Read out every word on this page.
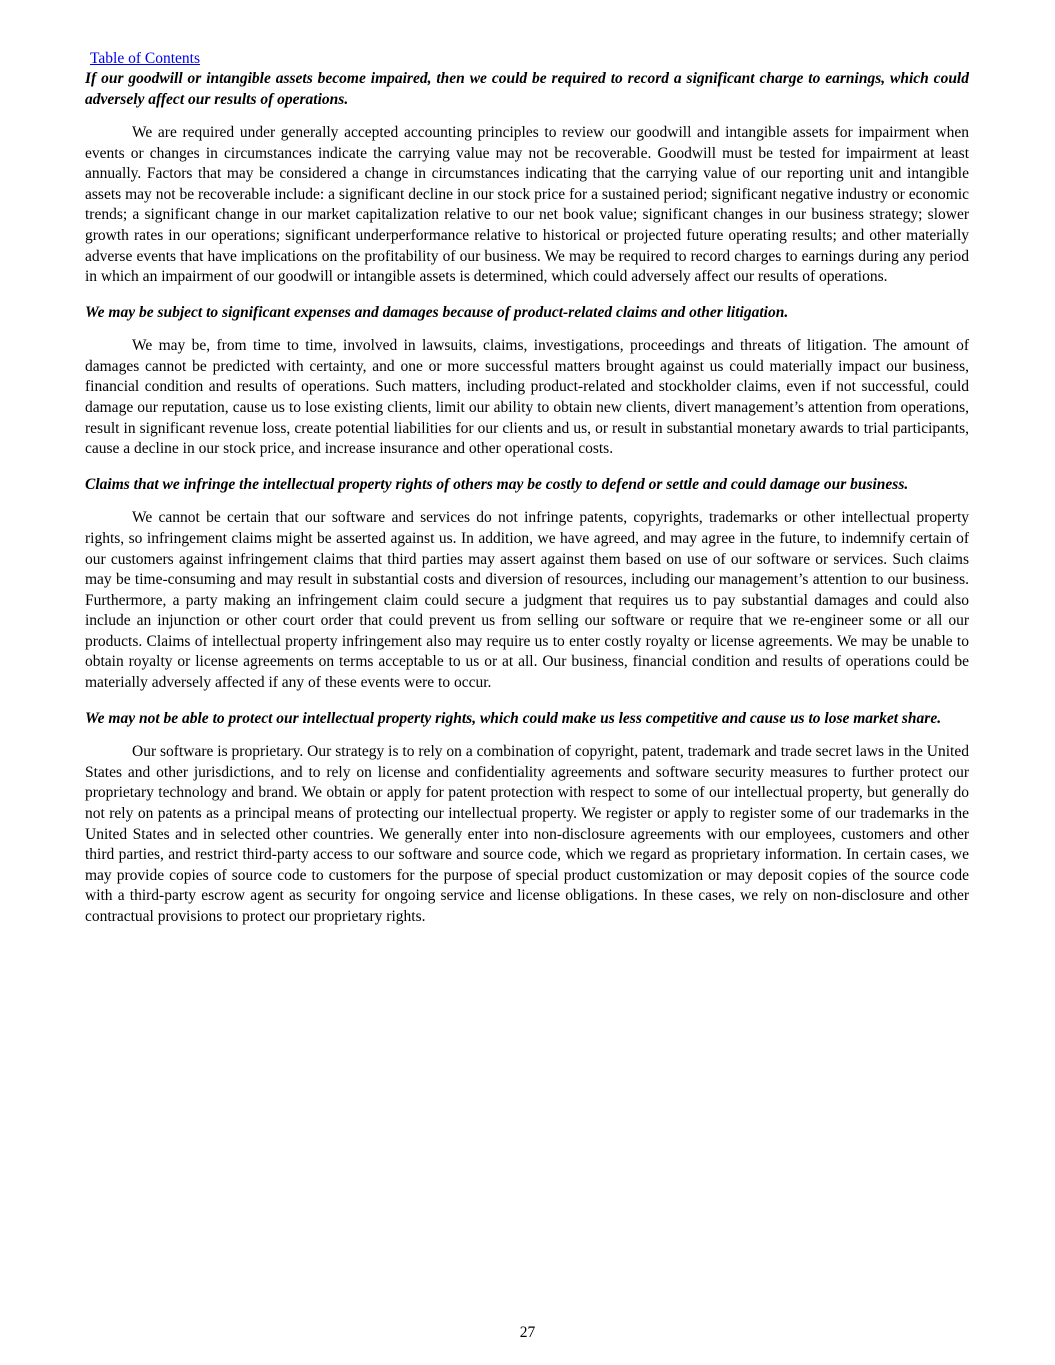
Table of Contents

If our goodwill or intangible assets become impaired, then we could be required to record a significant charge to earnings, which could adversely affect our results of operations.

We are required under generally accepted accounting principles to review our goodwill and intangible assets for impairment when events or changes in circumstances indicate the carrying value may not be recoverable. Goodwill must be tested for impairment at least annually. Factors that may be considered a change in circumstances indicating that the carrying value of our reporting unit and intangible assets may not be recoverable include: a significant decline in our stock price for a sustained period; significant negative industry or economic trends; a significant change in our market capitalization relative to our net book value; significant changes in our business strategy; slower growth rates in our operations; significant underperformance relative to historical or projected future operating results; and other materially adverse events that have implications on the profitability of our business. We may be required to record charges to earnings during any period in which an impairment of our goodwill or intangible assets is determined, which could adversely affect our results of operations.

We may be subject to significant expenses and damages because of product-related claims and other litigation.

We may be, from time to time, involved in lawsuits, claims, investigations, proceedings and threats of litigation. The amount of damages cannot be predicted with certainty, and one or more successful matters brought against us could materially impact our business, financial condition and results of operations. Such matters, including product-related and stockholder claims, even if not successful, could damage our reputation, cause us to lose existing clients, limit our ability to obtain new clients, divert management’s attention from operations, result in significant revenue loss, create potential liabilities for our clients and us, or result in substantial monetary awards to trial participants, cause a decline in our stock price, and increase insurance and other operational costs.

Claims that we infringe the intellectual property rights of others may be costly to defend or settle and could damage our business.

We cannot be certain that our software and services do not infringe patents, copyrights, trademarks or other intellectual property rights, so infringement claims might be asserted against us. In addition, we have agreed, and may agree in the future, to indemnify certain of our customers against infringement claims that third parties may assert against them based on use of our software or services. Such claims may be time-consuming and may result in substantial costs and diversion of resources, including our management’s attention to our business. Furthermore, a party making an infringement claim could secure a judgment that requires us to pay substantial damages and could also include an injunction or other court order that could prevent us from selling our software or require that we re-engineer some or all our products. Claims of intellectual property infringement also may require us to enter costly royalty or license agreements. We may be unable to obtain royalty or license agreements on terms acceptable to us or at all. Our business, financial condition and results of operations could be materially adversely affected if any of these events were to occur.

We may not be able to protect our intellectual property rights, which could make us less competitive and cause us to lose market share.

Our software is proprietary. Our strategy is to rely on a combination of copyright, patent, trademark and trade secret laws in the United States and other jurisdictions, and to rely on license and confidentiality agreements and software security measures to further protect our proprietary technology and brand. We obtain or apply for patent protection with respect to some of our intellectual property, but generally do not rely on patents as a principal means of protecting our intellectual property. We register or apply to register some of our trademarks in the United States and in selected other countries. We generally enter into non-disclosure agreements with our employees, customers and other third parties, and restrict third-party access to our software and source code, which we regard as proprietary information. In certain cases, we may provide copies of source code to customers for the purpose of special product customization or may deposit copies of the source code with a third-party escrow agent as security for ongoing service and license obligations. In these cases, we rely on non-disclosure and other contractual provisions to protect our proprietary rights.

27
